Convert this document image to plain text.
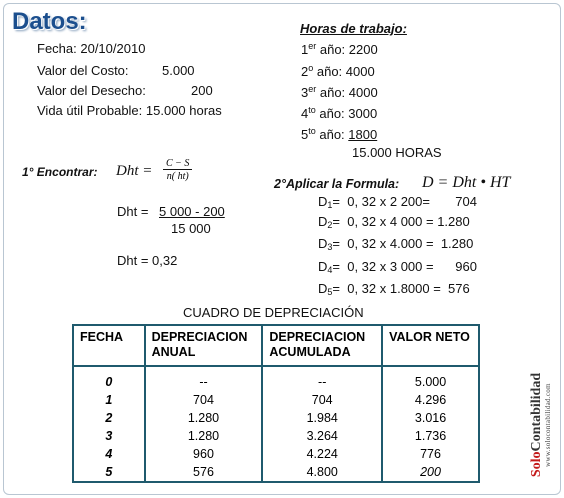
Datos:
Fecha: 20/10/2010
Valor del Costo:	5.000
Valor del Desecho:	200
Vida útil Probable: 15.000 horas
Horas de trabajo:
1er año: 2200
2$^o$ año: 4000
3er año: 4000
$4^{to}$ año: 3000
$5^{to}$ año: 1800
15.000 HORAS
1° Encontrar: Dht = $\frac{C - S}{n( ht)}$
Dht = 5 000 - 200
15 000
Dht = 0,32
2°Aplicar la Formula: D = Dht • HT
$D_1= 0$, 32 x 2 200=       704
$D_2= 0$, 32 x 4 000 = 1.280
$D_3= 0$, 32 x 4.000 =  1.280
$D_4= 0$, 32 x 3 000 =      960
$D_5= 0$, 32 x 1.8000 =  576
CUADRO DE DEPRECIACIÓN
FECHA	DEPRECIACION ANUAL	DEPRECIACION ACUMULADA	VALOR NETO
0	--	--	5.000
1	704	704	4.296
2	1.280	1.984	3.016
3	1.280	3.264	1.736
4	960	4.224	776
5	576	4.800	200	SoloContabilidad www.solocontabilidad.com
